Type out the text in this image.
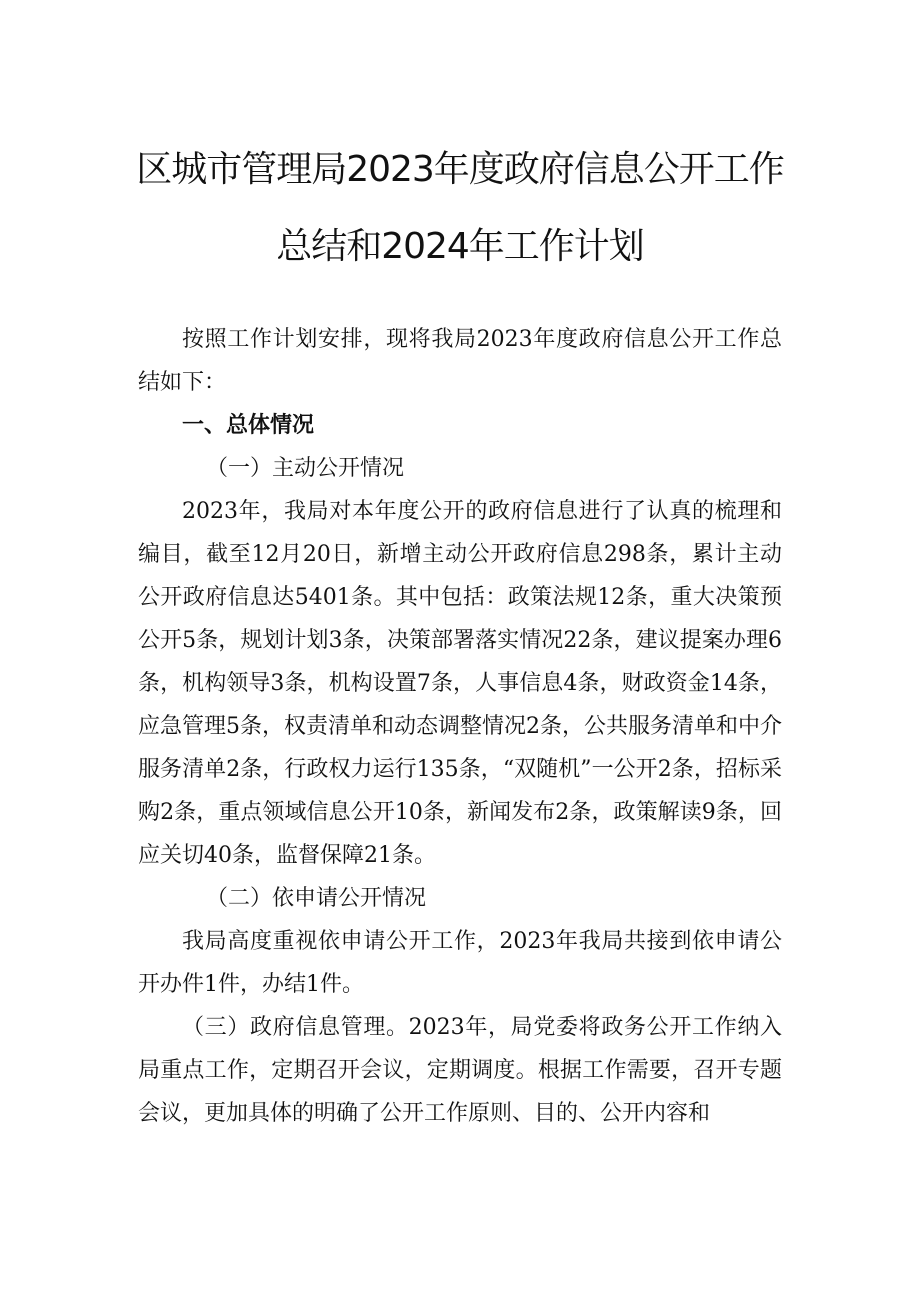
区城市管理局2023年度政府信息公开工作
总结和2024年工作计划

按照工作计划安排，现将我局2023年度政府信息公开工作总结如下：

一、总体情况

（一）主动公开情况

2023年，我局对本年度公开的政府信息进行了认真的梳理和编目，截至12月20日，新增主动公开政府信息298条，累计主动公开政府信息达5401条。其中包括：政策法规12条，重大决策预公开5条，规划计划3条，决策部署落实情况22条，建议提案办理6条，机构领导3条，机构设置7条，人事信息4条，财政资金14条，应急管理5条，权责清单和动态调整情况2条，公共服务清单和中介服务清单2条，行政权力运行135条，“双随机”一公开2条，招标采购2条，重点领域信息公开10条，新闻发布2条，政策解读9条，回应关切40条，监督保障21条。

（二）依申请公开情况

我局高度重视依申请公开工作，2023年我局共接到依申请公开办件1件，办结1件。

（三）政府信息管理。2023年，局党委将政务公开工作纳入局重点工作，定期召开会议，定期调度。根据工作需要，召开专题会议，更加具体的明确了公开工作原则、目的、公开内容和
